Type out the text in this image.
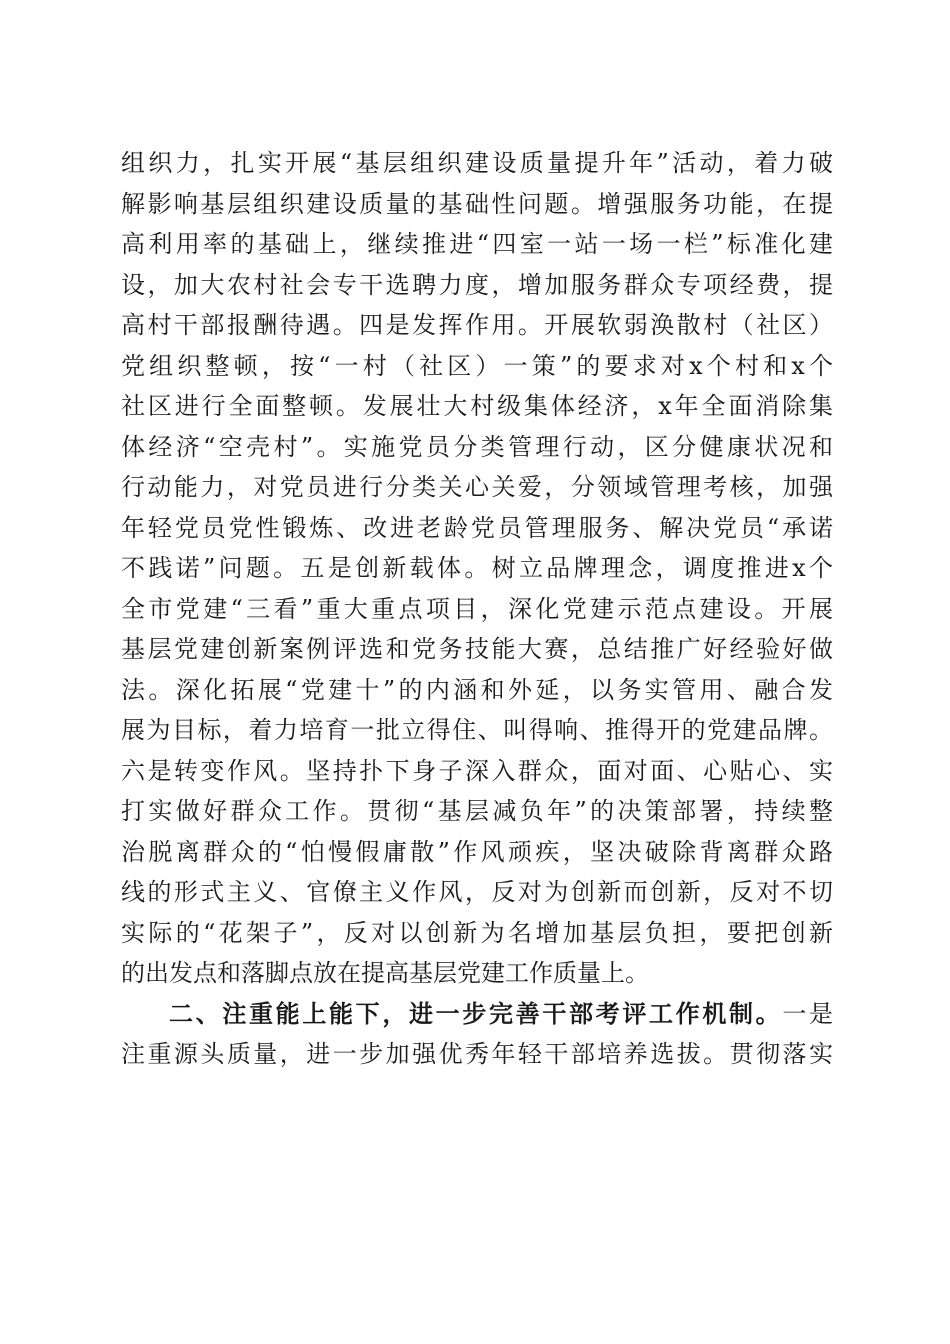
组织力，扎实开展“基层组织建设质量提升年”活动，着力破
解影响基层组织建设质量的基础性问题。增强服务功能，在提
高利用率的基础上，继续推进“四室一站一场一栏”标准化建
设，加大农村社会专干选聘力度，增加服务群众专项经费，提
高村干部报酬待遇。四是发挥作用。开展软弱涣散村（社区）
党组织整顿，按“一村（社区）一策”的要求对x个村和x个
社区进行全面整顿。发展壮大村级集体经济，x年全面消除集
体经济“空壳村”。实施党员分类管理行动，区分健康状况和
行动能力，对党员进行分类关心关爱，分领域管理考核，加强
年轻党员党性锻炼、改进老龄党员管理服务、解决党员“承诺
不践诺”问题。五是创新载体。树立品牌理念，调度推进x个
全市党建“三看”重大重点项目，深化党建示范点建设。开展
基层党建创新案例评选和党务技能大赛，总结推广好经验好做
法。深化拓展“党建十”的内涵和外延，以务实管用、融合发
展为目标，着力培育一批立得住、叫得响、推得开的党建品牌。
六是转变作风。坚持扑下身子深入群众，面对面、心贴心、实
打实做好群众工作。贯彻“基层减负年”的决策部署，持续整
治脱离群众的“怕慢假庸散”作风顽疾，坚决破除背离群众路
线的形式主义、官僚主义作风，反对为创新而创新，反对不切
实际的“花架子”，反对以创新为名增加基层负担，要把创新
的出发点和落脚点放在提高基层党建工作质量上。
二、注重能上能下，进一步完善干部考评工作机制。一是
注重源头质量，进一步加强优秀年轻干部培养选拔。贯彻落实
